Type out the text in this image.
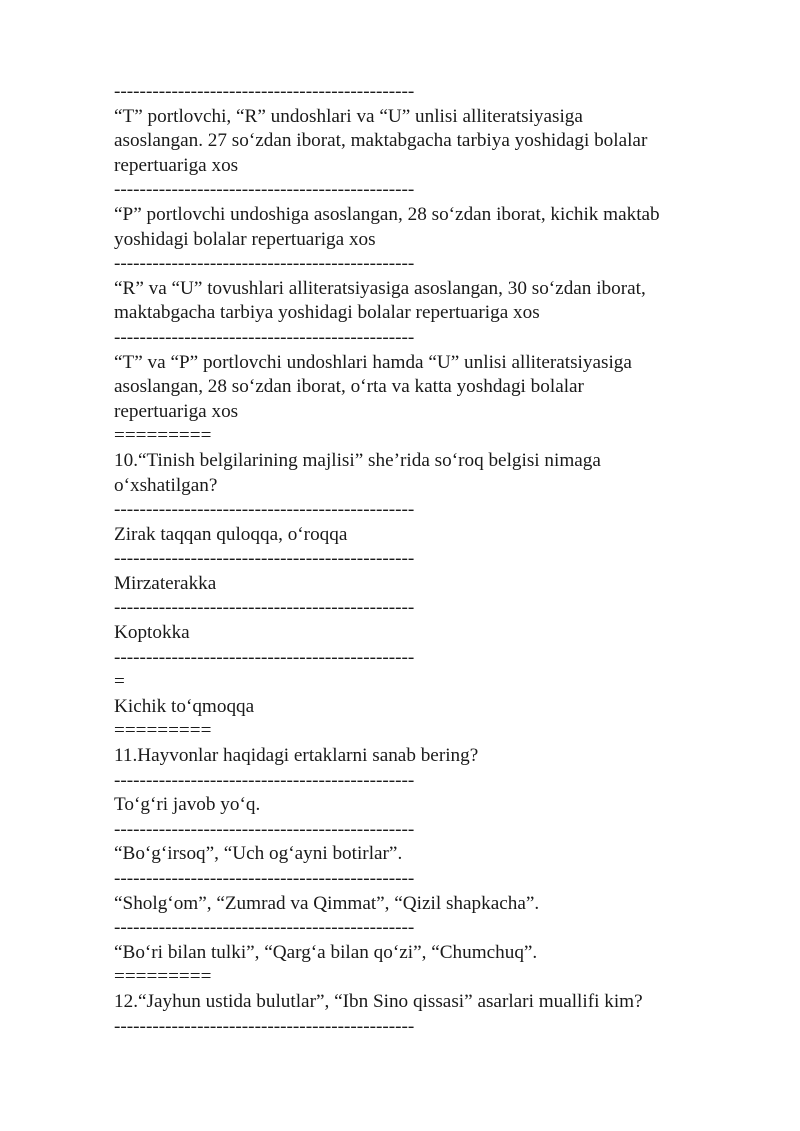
-----------------------------------------------
“T” portlovchi, “R” undoshlari va “U” unlisi alliteratsiyasiga
asoslangan. 27 so‘zdan iborat, maktabgacha tarbiya yoshidagi bolalar
repertuariga xos
-----------------------------------------------
“P” portlovchi undoshiga asoslangan, 28 so‘zdan iborat, kichik maktab
yoshidagi bolalar repertuariga xos
-----------------------------------------------
“R” va “U” tovushlari alliteratsiyasiga asoslangan, 30 so‘zdan iborat,
maktabgacha tarbiya yoshidagi bolalar repertuariga xos
-----------------------------------------------
“T” va “P” portlovchi undoshlari hamda “U” unlisi alliteratsiyasiga
asoslangan, 28 so‘zdan iborat, o‘rta va katta yoshdagi bolalar
repertuariga xos
=========
10.“Tinish belgilarining majlisi” she’rida so‘roq belgisi nimaga
o‘xshatilgan?
-----------------------------------------------
Zirak taqqan quloqqa, o‘roqqa
-----------------------------------------------
Mirzaterakka
-----------------------------------------------
Koptokka
-----------------------------------------------
=
Kichik to‘qmoqqa
=========
11.Hayvonlar haqidagi ertaklarni sanab bering?
-----------------------------------------------
To‘g‘ri javob yo‘q.
-----------------------------------------------
“Bo‘g‘irsoq”, “Uch og‘ayni botirlar”.
-----------------------------------------------
“Sholg‘om”, “Zumrad va Qimmat”, “Qizil shapkacha”.
-----------------------------------------------
“Bo‘ri bilan tulki”, “Qarg‘a bilan qo‘zi”, “Chumchuq”.
=========
12.“Jayhun ustida bulutlar”, “Ibn Sino qissasi” asarlari muallifi kim?
-----------------------------------------------
